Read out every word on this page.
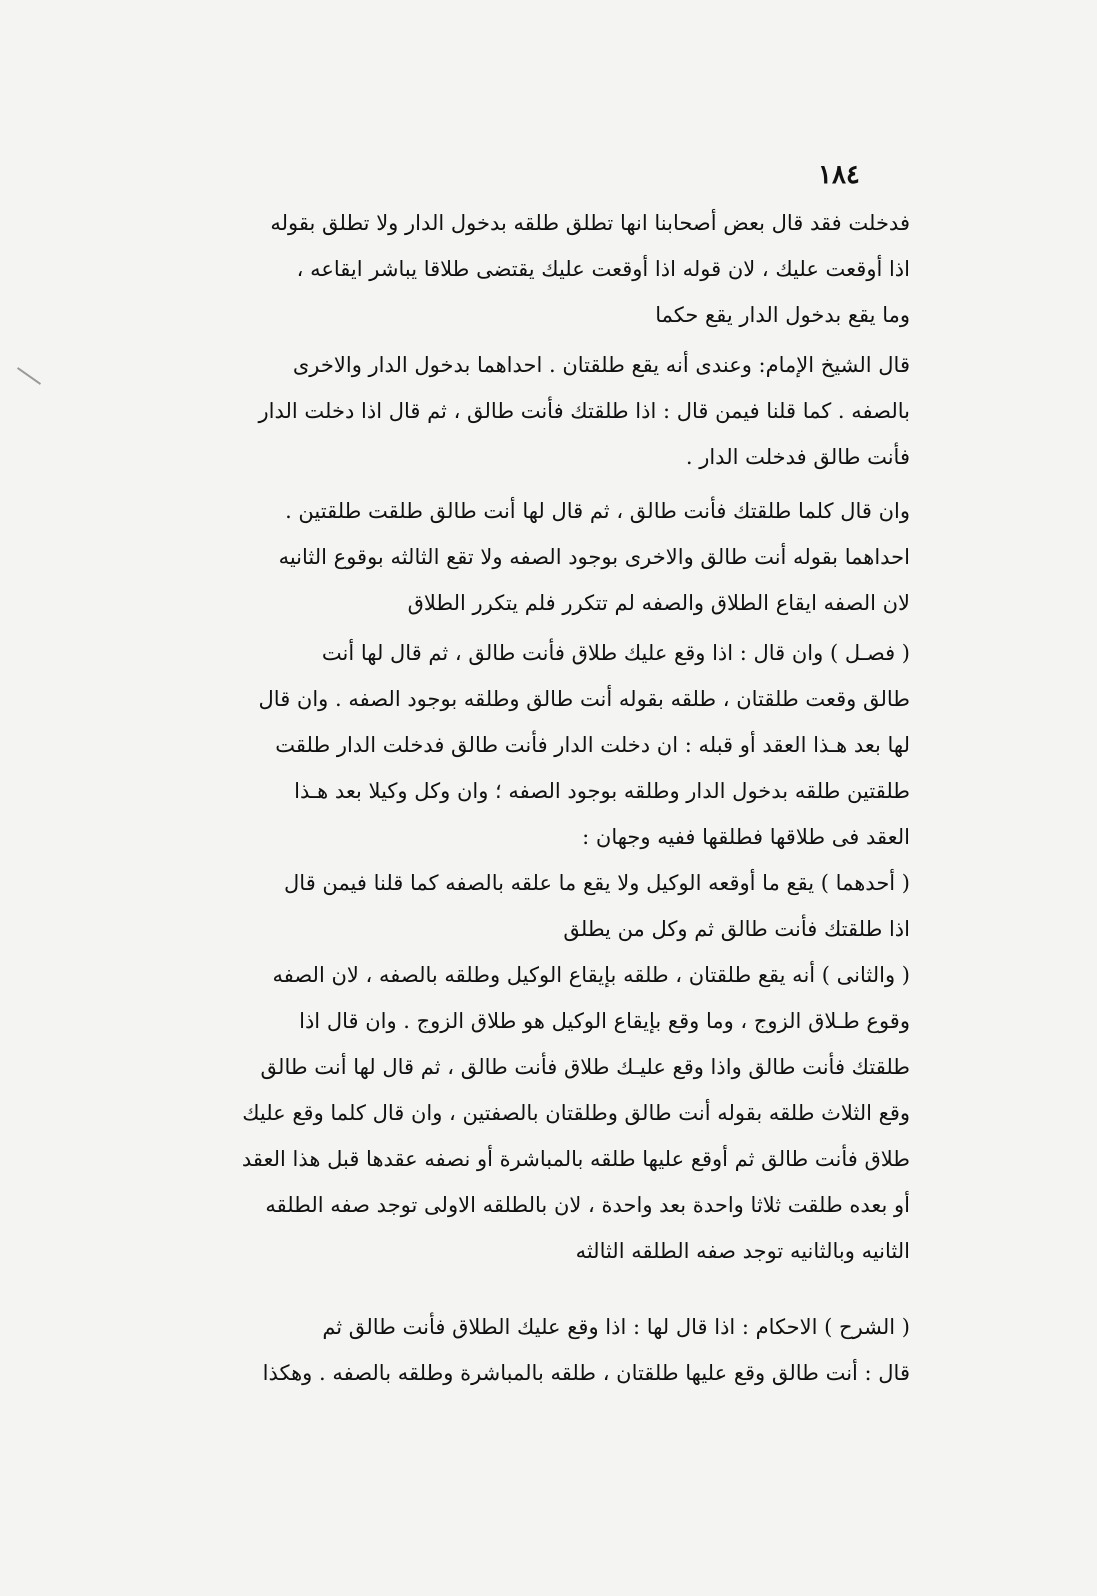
١٨٤

فدخلت فقد قال بعض أصحابنا انها تطلق طلقه بدخول الدار ولا تطلق بقوله
اذا أوقعت عليك ، لان قوله اذا أوقعت عليك يقتضى طلاقا يباشر ايقاعه ،
وما يقع بدخول الدار يقع حكما

قال الشيخ الإمام: وعندى أنه يقع طلقتان . احداهما بدخول الدار والاخرى
بالصفه . كما قلنا فيمن قال : اذا طلقتك فأنت طالق ، ثم قال اذا دخلت الدار
فأنت طالق فدخلت الدار .

وان قال كلما طلقتك فأنت طالق ، ثم قال لها أنت طالق طلقت طلقتين .
احداهما بقوله أنت طالق والاخرى بوجود الصفه ولا تقع الثالثه بوقوع الثانيه
لان الصفه ايقاع الطلاق والصفه لم تتكرر فلم يتكرر الطلاق

( فصـل ) وان قال : اذا وقع عليك طلاق فأنت طالق ، ثم قال لها أنت
طالق وقعت طلقتان ، طلقه بقوله أنت طالق وطلقه بوجود الصفه . وان قال
لها بعد هـذا العقد أو قبله : ان دخلت الدار فأنت طالق فدخلت الدار طلقت
طلقتين طلقه بدخول الدار وطلقه بوجود الصفه ؛ وان وكل وكيلا بعد هـذا
العقد فى طلاقها فطلقها ففيه وجهان :

( أحدهما ) يقع ما أوقعه الوكيل ولا يقع ما علقه بالصفه كما قلنا فيمن قال
اذا طلقتك فأنت طالق ثم وكل من يطلق

( والثانى ) أنه يقع طلقتان ، طلقه بإيقاع الوكيل وطلقه بالصفه ، لان الصفه
وقوع طـلاق الزوج ، وما وقع بإيقاع الوكيل هو طلاق الزوج . وان قال اذا
طلقتك فأنت طالق واذا وقع عليـك طلاق فأنت طالق ، ثم قال لها أنت طالق
وقع الثلاث طلقه بقوله أنت طالق وطلقتان بالصفتين ، وان قال كلما وقع عليك
طلاق فأنت طالق ثم أوقع عليها طلقه بالمباشرة أو نصفه عقدها قبل هذا العقد
أو بعده طلقت ثلاثا واحدة بعد واحدة ، لان بالطلقه الاولى توجد صفه الطلقه
الثانيه وبالثانيه توجد صفه الطلقه الثالثه

( الشرح ) الاحكام : اذا قال لها : اذا وقع عليك الطلاق فأنت طالق ثم
قال : أنت طالق وقع عليها طلقتان ، طلقه بالمباشرة وطلقه بالصفه . وهكذا
